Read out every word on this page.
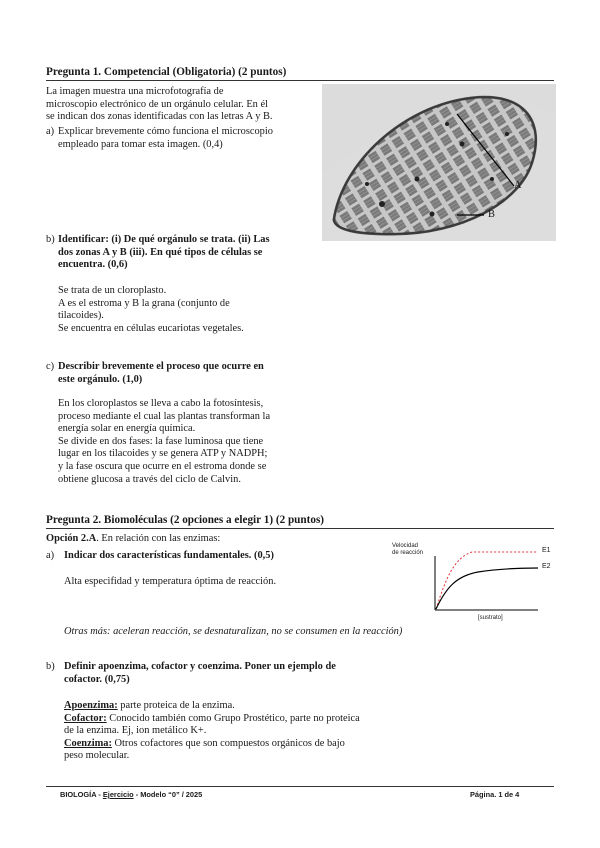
Pregunta 1. Competencial (Obligatoria) (2 puntos)
La imagen muestra una microfotografía de
microscopio electrónico de un orgánulo celular. En él
se indican dos zonas identificadas con las letras A y B.
a) Explicar brevemente cómo funciona el microscopio
empleado para tomar esta imagen. (0,4)
A
B
b) Identificar: (i) De qué orgánulo se trata. (ii) Las
dos zonas A y B (iii). En qué tipos de células se
encuentra. (0,6)
Se trata de un cloroplasto.
A es el estroma y B la grana (conjunto de
tilacoides).
Se encuentra en células eucariotas vegetales.
c) Describir brevemente el proceso que ocurre en
este orgánulo. (1,0)
En los cloroplastos se lleva a cabo la fotosíntesis,
proceso mediante el cual las plantas transforman la
energía solar en energía química.
Se divide en dos fases: la fase luminosa que tiene
lugar en los tilacoides y se genera ATP y NADPH;
y la fase oscura que ocurre en el estroma donde se
obtiene glucosa a través del ciclo de Calvin.
Pregunta 2. Biomoléculas (2 opciones a elegir 1) (2 puntos)
Opción 2.A. En relación con las enzimas:
a) Indicar dos características fundamentales. (0,5)
Alta especifidad y temperatura óptima de reacción.
Otras más: aceleran reacción, se desnaturalizan, no se consumen en la reacción)
Velocidad
de reacción	E1
E2
[sustrato]
b) Definir apoenzima, cofactor y coenzima. Poner un ejemplo de
cofactor. (0,75)
Apoenzima: parte proteica de la enzima.
Cofactor: Conocido también como Grupo Prostético, parte no proteica
de la enzima. Ej, ion metálico K+.
Coenzima: Otros cofactores que son compuestos orgánicos de bajo
peso molecular.
BIOLOGÍA - Ejercicio - Modelo “0” / 2025	Página. 1 de 4
